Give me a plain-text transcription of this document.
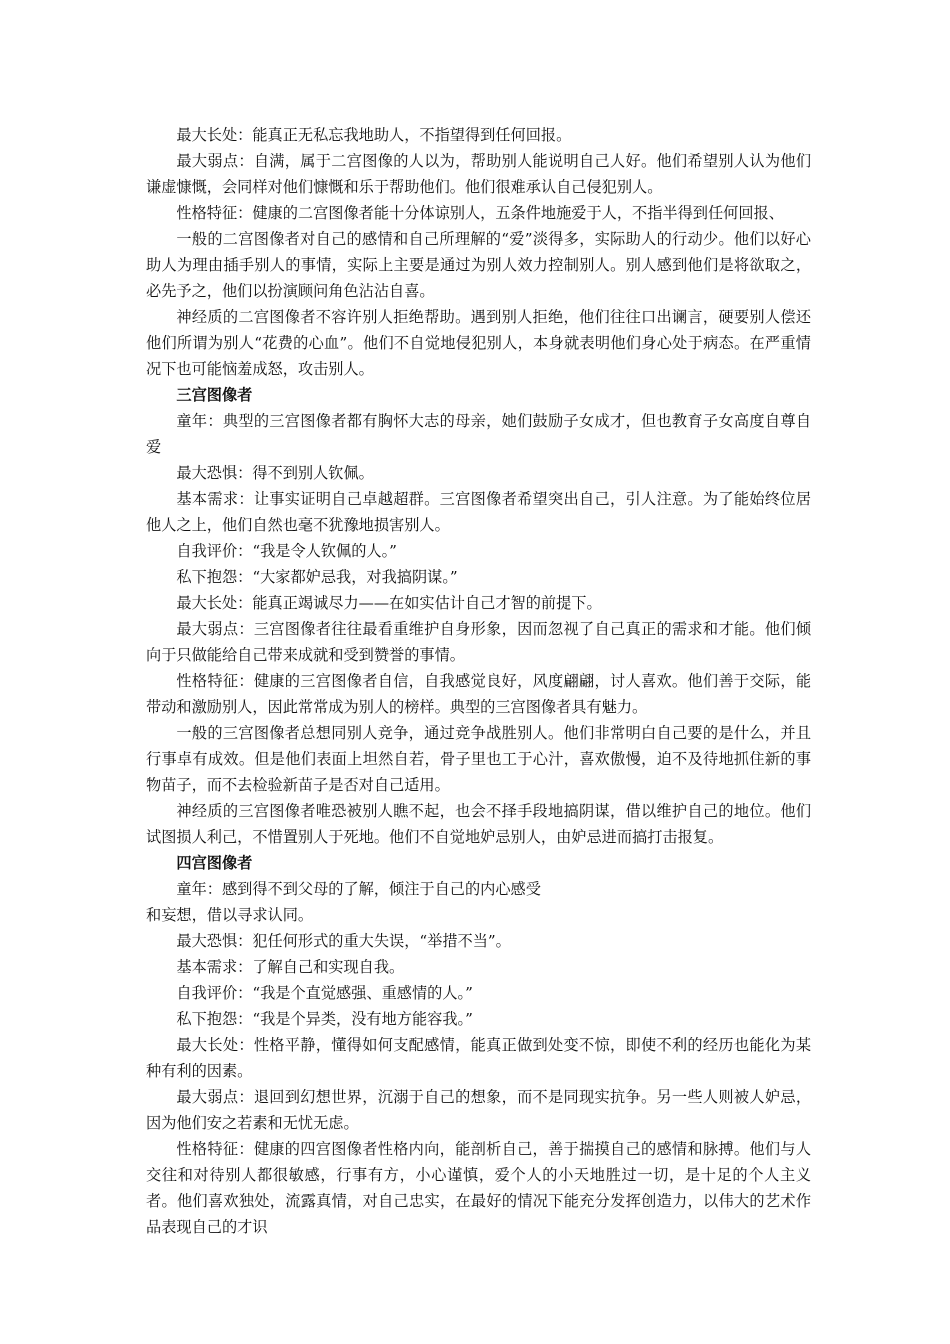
最大长处：能真正无私忘我地助人，不指望得到任何回报。

最大弱点：自满，属于二宫图像的人以为，帮助别人能说明自己人好。他们希望别人认为他们谦虚慷慨，会同样对他们慷慨和乐于帮助他们。他们很难承认自己侵犯别人。

性格特征：健康的二宫图像者能十分体谅别人，五条件地施爱于人，不指半得到任何回报、

一般的二宫图像者对自己的感情和自己所理解的“爱”淡得多，实际助人的行动少。他们以好心助人为理由插手别人的事情，实际上主要是通过为别人效力控制别人。别人感到他们是将欲取之，必先予之，他们以扮演顾问角色沾沾自喜。

神经质的二宫图像者不容许别人拒绝帮助。遇到别人拒绝，他们往往口出谰言，硬要别人偿还他们所谓为别人“花费的心血”。他们不自觉地侵犯别人，本身就表明他们身心处于病态。在严重情况下也可能恼羞成怒，攻击别人。

三宫图像者

童年：典型的三宫图像者都有胸怀大志的母亲，她们鼓励子女成才，但也教育子女高度自尊自爱

最大恐惧：得不到别人钦佩。

基本需求：让事实证明自己卓越超群。三宫图像者希望突出自己，引人注意。为了能始终位居他人之上，他们自然也毫不犹豫地损害别人。

自我评价：“我是令人钦佩的人。”

私下抱怨：“大家都妒忌我，对我搞阴谋。”

最大长处：能真正竭诚尽力——在如实估计自己才智的前提下。

最大弱点：三宫图像者往往最看重维护自身形象，因而忽视了自己真正的需求和才能。他们倾向于只做能给自己带来成就和受到赞誉的事情。

性格特征：健康的三宫图像者自信，自我感觉良好，风度翩翩，讨人喜欢。他们善于交际，能带动和激励别人，因此常常成为别人的榜样。典型的三宫图像者具有魅力。

一般的三宫图像者总想同别人竞争，通过竞争战胜别人。他们非常明白自己要的是什么，并且行事卓有成效。但是他们表面上坦然自若，骨子里也工于心汁，喜欢傲慢，迫不及待地抓住新的事物苗子，而不去检验新苗子是否对自己适用。

神经质的三宫图像者唯恐被别人瞧不起，也会不择手段地搞阴谋，借以维护自己的地位。他们试图损人利己，不惜置别人于死地。他们不自觉地妒忌别人，由妒忌进而搞打击报复。

四宫图像者

童年：感到得不到父母的了解，倾注于自己的内心感受

和妄想，借以寻求认同。

最大恐惧：犯任何形式的重大失误，“举措不当”。

基本需求：了解自己和实现自我。

自我评价：“我是个直觉感强、重感情的人。”

私下抱怨：“我是个异类，没有地方能容我。”

最大长处：性格平静，懂得如何支配感情，能真正做到处变不惊，即使不利的经历也能化为某种有利的因素。

最大弱点：退回到幻想世界，沉溺于自己的想象，而不是同现实抗争。另一些人则被人妒忌，因为他们安之若素和无忧无虑。

性格特征：健康的四宫图像者性格内向，能剖析自己，善于揣摸自己的感情和脉搏。他们与人交往和对待别人都很敏感，行事有方，小心谨慎，爱个人的小天地胜过一切，是十足的个人主义者。他们喜欢独处，流露真情，对自己忠实，在最好的情况下能充分发挥创造力，以伟大的艺术作品表现自己的才识
